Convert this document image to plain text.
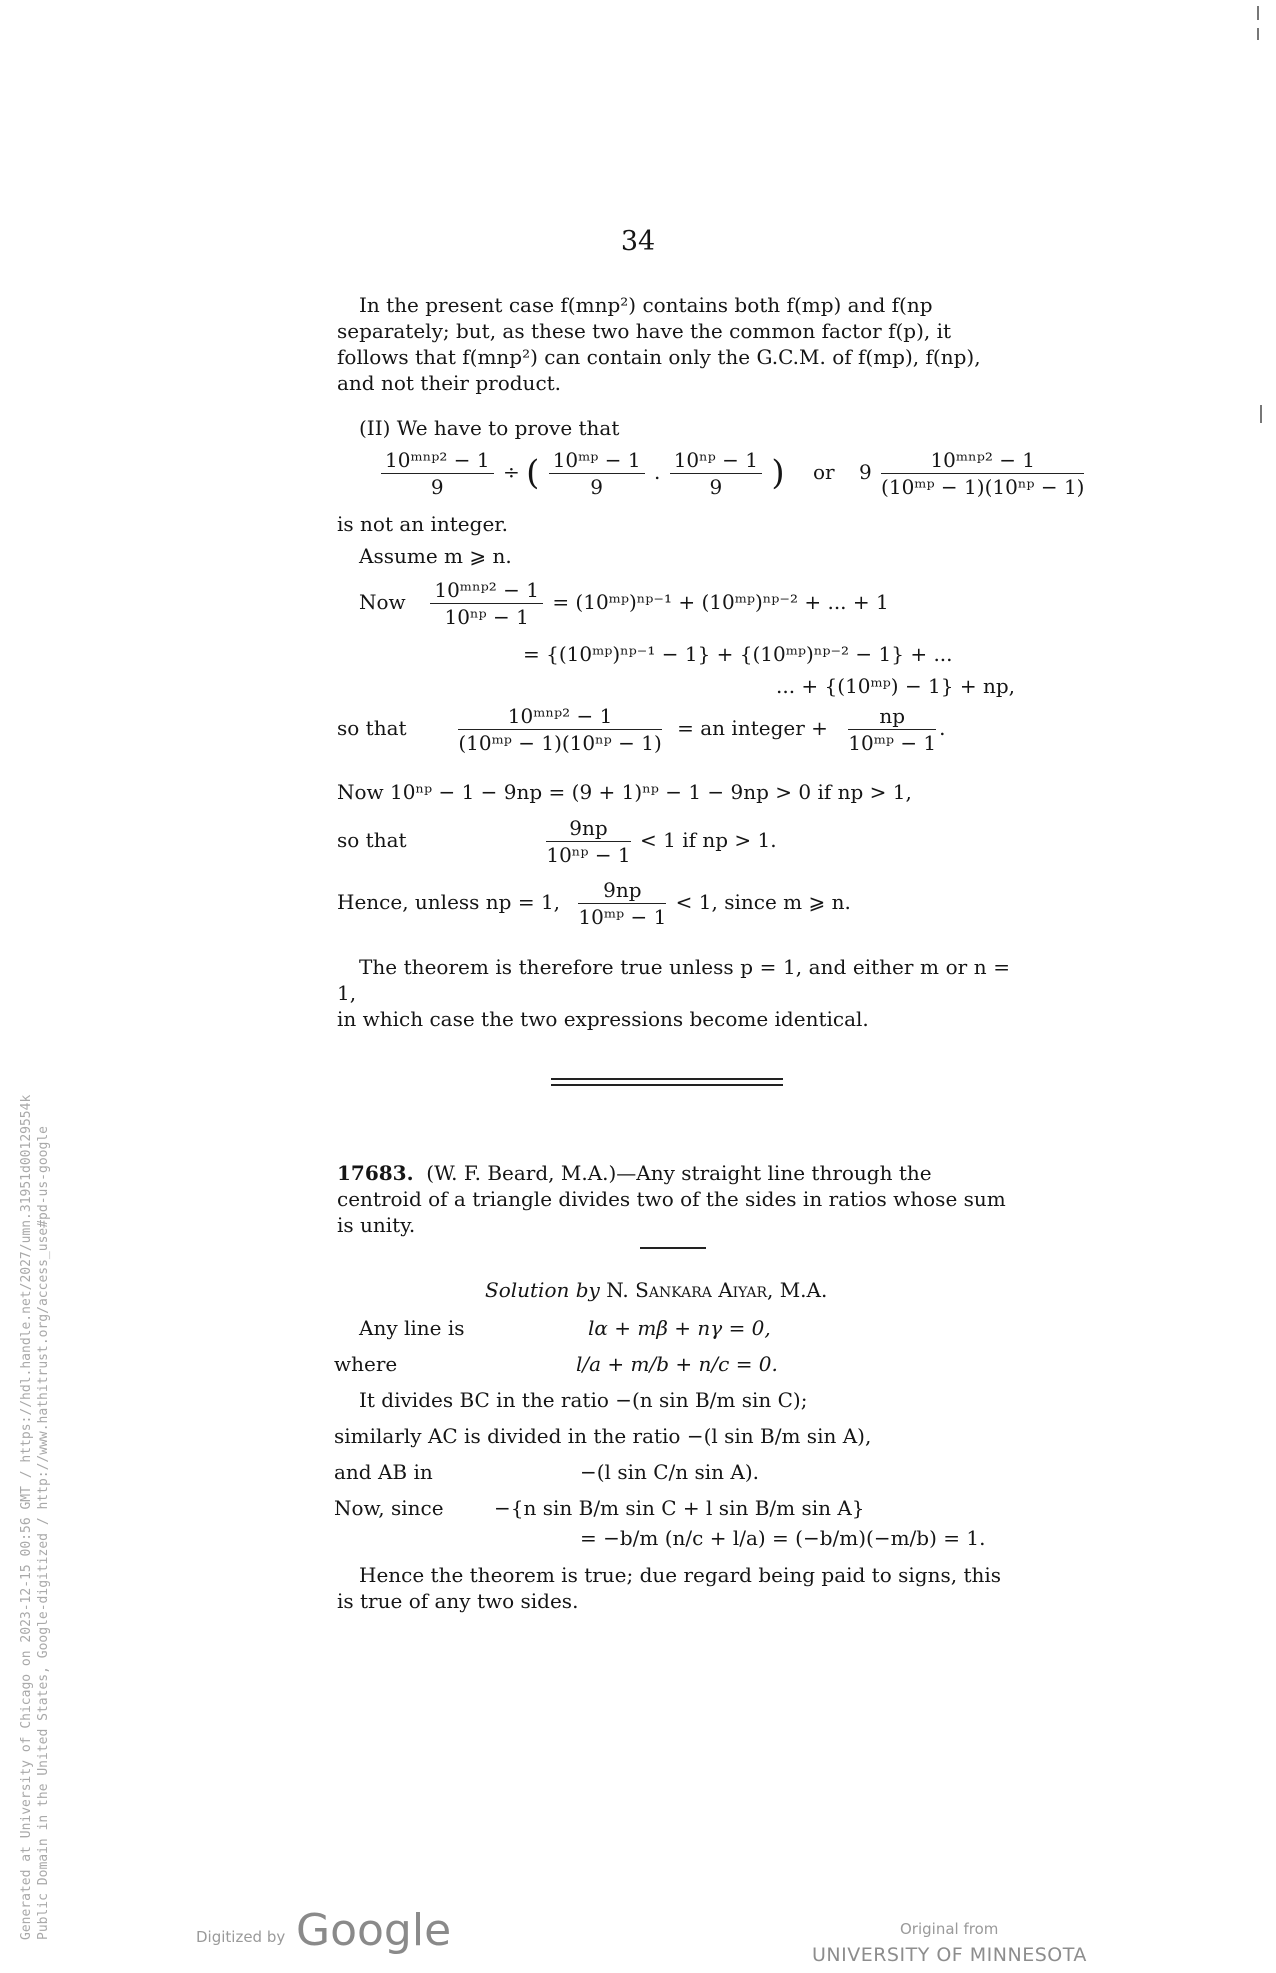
34
In the present case f(mnp²) contains both f(mp) and f(np
separately; but, as these two have the common factor f(p), it
follows that f(mnp²) can contain only the G.C.M. of f(mp), f(np),
and not their product.
(II) We have to prove that
$\frac{\text{10ᵐⁿᵖ² − 1}}{9}$ ÷ ( $\frac{\text{10ᵐᵖ − 1}}{9}$ . $\frac{\text{10ⁿᵖ − 1}}{9}$ ) or $9 \frac{\text{10ᵐⁿᵖ² − 1}}{\text{(10ᵐᵖ − 1)(10ⁿᵖ − 1)}}$
is not an integer.
Assume m ⩾ n.
Now $\frac{\text{10ᵐⁿᵖ² − 1}}{\text{10ⁿᵖ − 1}}$ = (10ᵐᵖ)ⁿᵖ⁻¹ + (10ᵐᵖ)ⁿᵖ⁻² + ... + 1
= {(10ᵐᵖ)ⁿᵖ⁻¹ − 1} + {(10ᵐᵖ)ⁿᵖ⁻² − 1} + ...
... + {(10ᵐᵖ) − 1} + np,
so that	$\frac{\text{10ᵐⁿᵖ² − 1}}{\text{(10ᵐᵖ − 1)(10ⁿᵖ − 1)}}$ = an integer + $\frac{np}{\text{10ᵐᵖ − 1}}$ .
Now 10ⁿᵖ − 1 − 9np = (9 + 1)ⁿᵖ − 1 − 9np > 0 if np > 1,
so that	$\frac{9np}{\text{10ⁿᵖ − 1}} < 1$ if np > 1.
Hence, unless np = 1, $\frac{9np}{\text{10ᵐᵖ − 1}} < 1$, since m ⩾ n.
The theorem is therefore true unless p = 1, and either m or n = 1,
in which case the two expressions become identical.
17683. (W. F. Beard, M.A.)—Any straight line through the
centroid of a triangle divides two of the sides in ratios whose sum
is unity.
Solution by N. Sankara Aiyar, M.A.
Any line is	lα + mβ + nγ = 0,
where	l/a + m/b + n/c = 0.
It divides BC in the ratio −(n sin B/m sin C);
similarly AC is divided in the ratio −(l sin B/m sin A),
and AB in	−(l sin C/n sin A).
Now, since	−{n sin B/m sin C + l sin B/m sin A}
= −b/m (n/c + l/a) = (−b/m)(−m/b) = 1.
Hence the theorem is true; due regard being paid to signs, this
is true of any two sides.
Generated at University of Chicago on 2023-12-15 00:56 GMT / https://hdl.handle.net/2027/umn.31951d00129554k Public Domain in the United States, Google-digitized / http://www.hathitrust.org/access_use#pd-us-google	Digitized by Google	Original from
UNIVERSITY OF MINNESOTA
